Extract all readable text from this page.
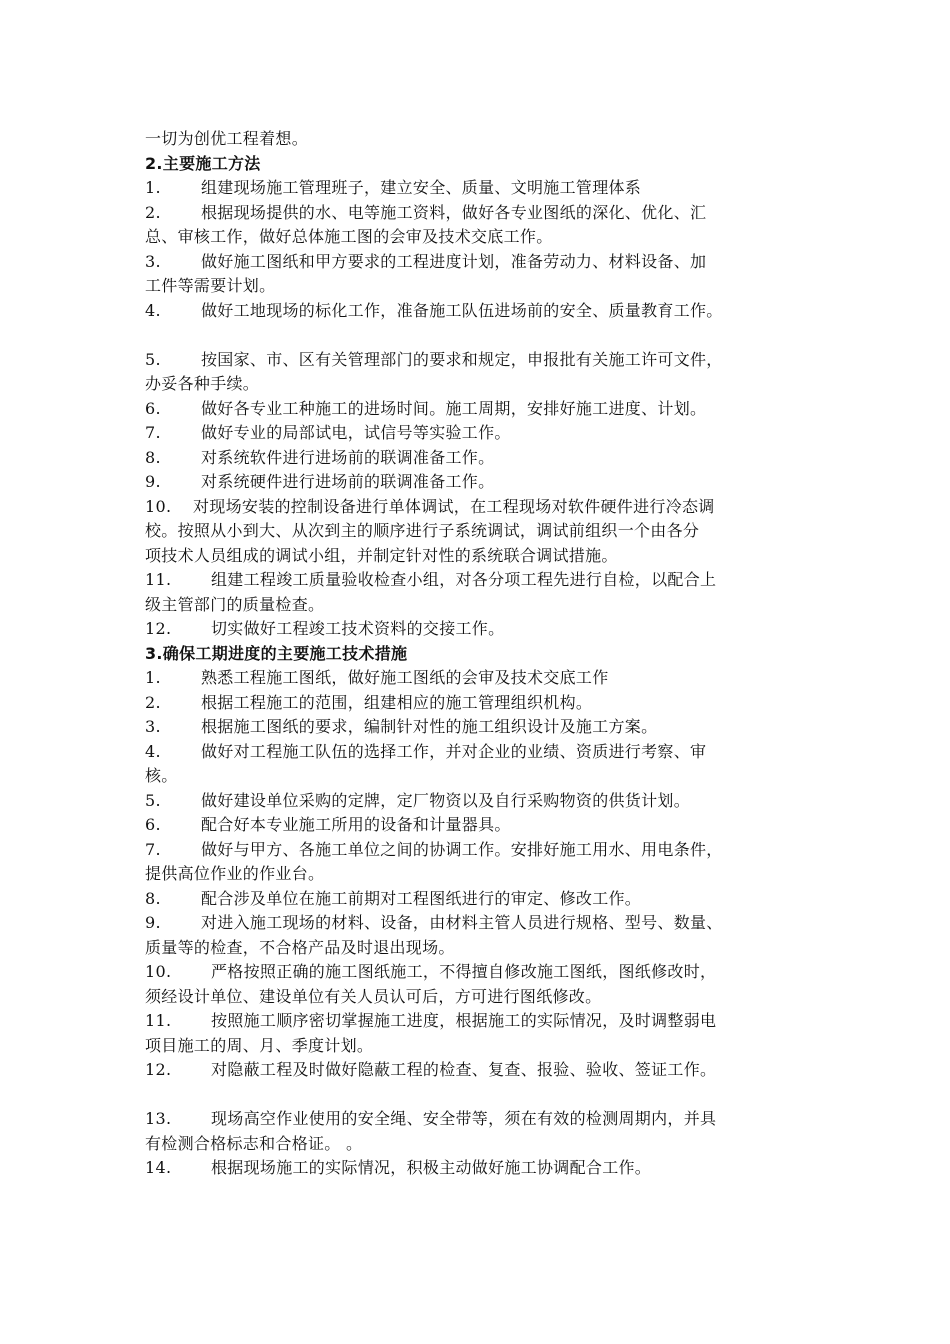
一切为创优工程着想。
2.主要施工方法
1.	组建现场施工管理班子，建立安全、质量、文明施工管理体系
2.	根据现场提供的水、电等施工资料，做好各专业图纸的深化、优化、汇
总、审核工作，做好总体施工图的会审及技术交底工作。
3.	做好施工图纸和甲方要求的工程进度计划，准备劳动力、材料设备、加
工件等需要计划。
4.	做好工地现场的标化工作，准备施工队伍进场前的安全、质量教育工作。
5.	按国家、市、区有关管理部门的要求和规定，申报批有关施工许可文件，
办妥各种手续。
6.	做好各专业工种施工的进场时间。施工周期，安排好施工进度、计划。
7.	做好专业的局部试电，试信号等实验工作。
8.	对系统软件进行进场前的联调准备工作。
9.	对系统硬件进行进场前的联调准备工作。
10. 对现场安装的控制设备进行单体调试，在工程现场对软件硬件进行冷态调
校。按照从小到大、从次到主的顺序进行子系统调试，调试前组织一个由各分
项技术人员组成的调试小组，并制定针对性的系统联合调试措施。
11. 组建工程竣工质量验收检查小组，对各分项工程先进行自检，以配合上
级主管部门的质量检查。
12. 切实做好工程竣工技术资料的交接工作。
3.确保工期进度的主要施工技术措施
1.	熟悉工程施工图纸，做好施工图纸的会审及技术交底工作
2.	根据工程施工的范围，组建相应的施工管理组织机构。
3.	根据施工图纸的要求，编制针对性的施工组织设计及施工方案。
4.	做好对工程施工队伍的选择工作，并对企业的业绩、资质进行考察、审
核。
5.	做好建设单位采购的定牌，定厂物资以及自行采购物资的供货计划。
6.	配合好本专业施工所用的设备和计量器具。
7.	做好与甲方、各施工单位之间的协调工作。安排好施工用水、用电条件，
提供高位作业的作业台。
8.	配合涉及单位在施工前期对工程图纸进行的审定、修改工作。
9.	对进入施工现场的材料、设备，由材料主管人员进行规格、型号、数量、
质量等的检查，不合格产品及时退出现场。
10. 严格按照正确的施工图纸施工，不得擅自修改施工图纸，图纸修改时，
须经设计单位、建设单位有关人员认可后，方可进行图纸修改。
11. 按照施工顺序密切掌握施工进度，根据施工的实际情况，及时调整弱电
项目施工的周、月、季度计划。
12. 对隐蔽工程及时做好隐蔽工程的检查、复查、报验、验收、签证工作。
13. 现场高空作业使用的安全绳、安全带等，须在有效的检测周期内，并具
有检测合格标志和合格证。 。
14. 根据现场施工的实际情况，积极主动做好施工协调配合工作。
